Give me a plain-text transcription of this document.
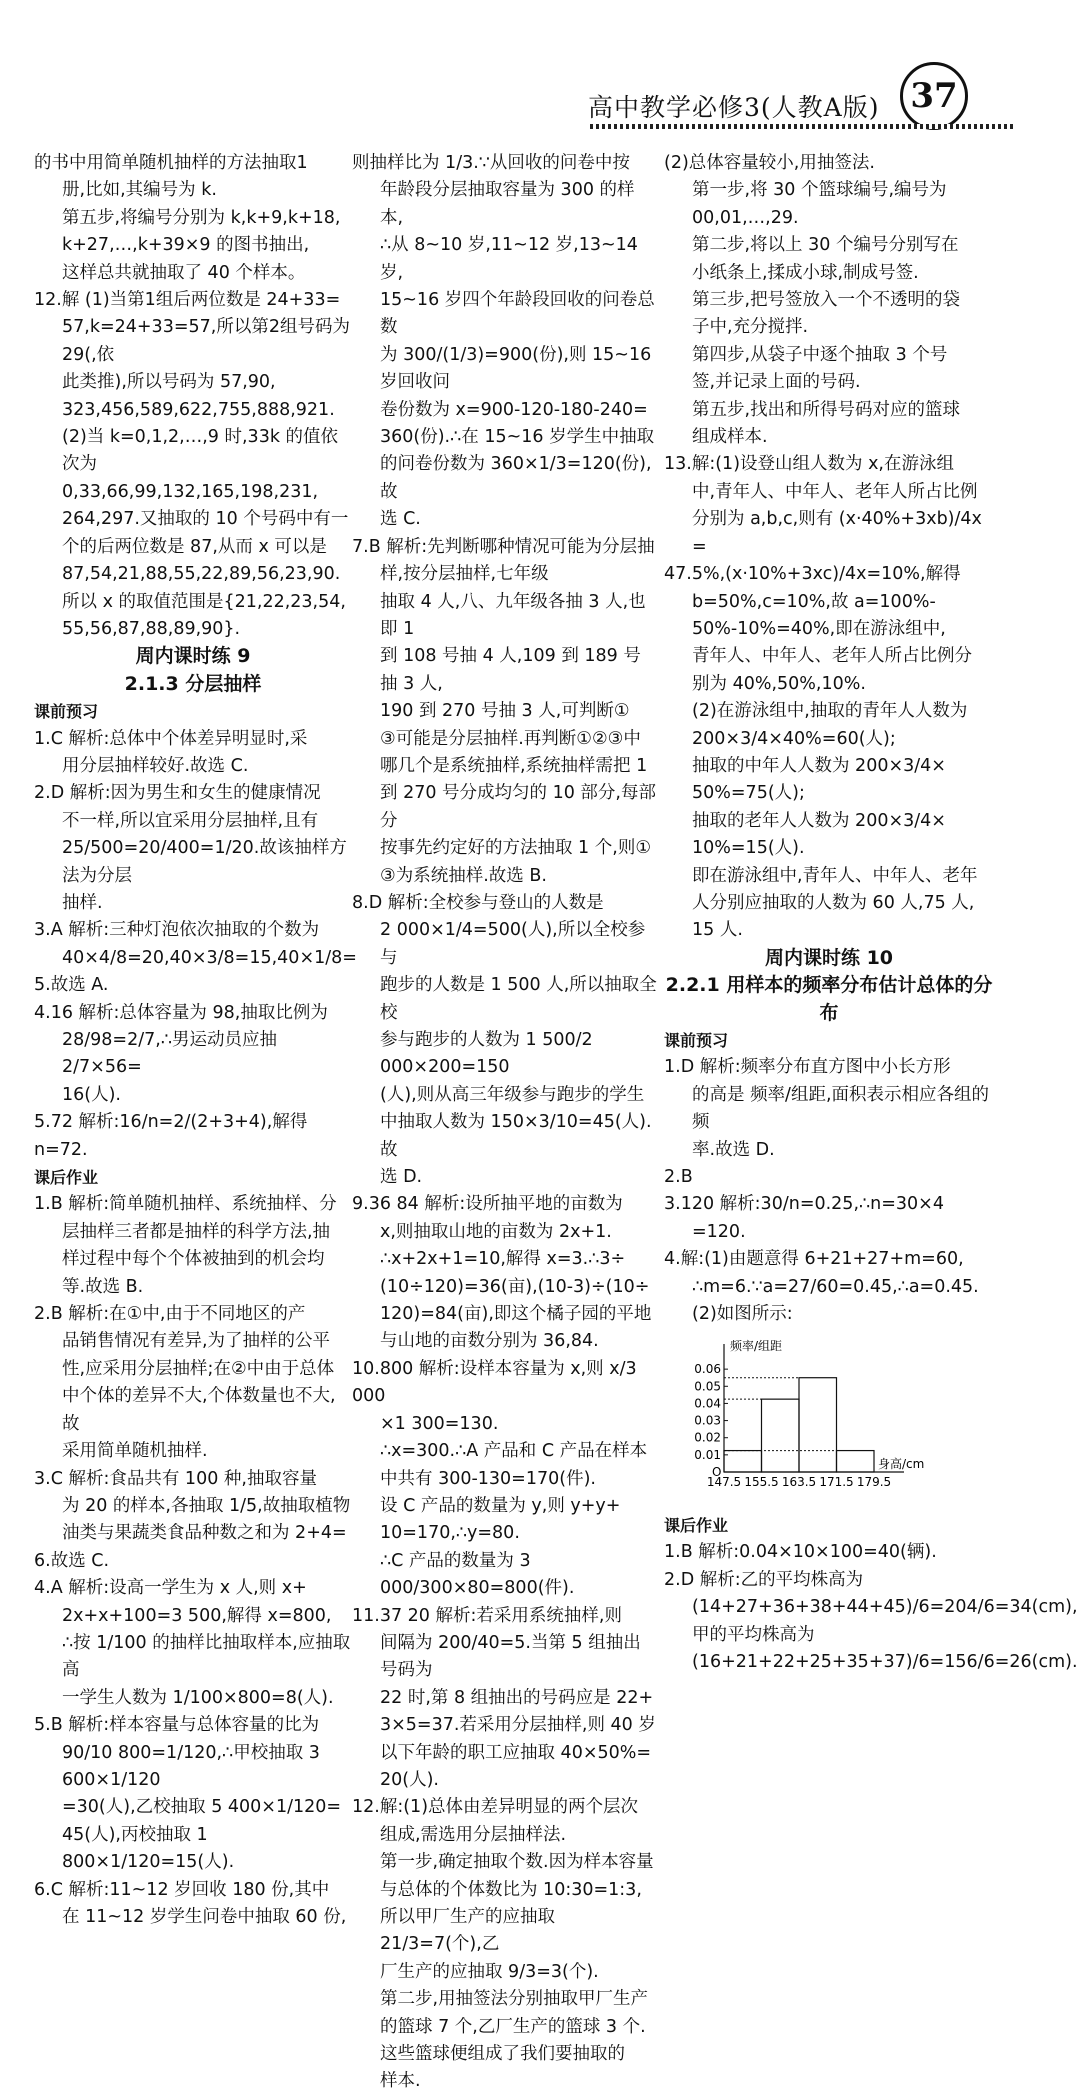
高中教学必修3(人教A版) 37

的书中用简单随机抽样的方法抽取1

册,比如,其编号为 k.

第五步,将编号分别为 k,k+9,k+18,

k+27,…,k+39×9 的图书抽出,

这样总共就抽取了 40 个样本。

12.解 (1)当第1组后两位数是 24+33=

57,k=24+33=57,所以第2组号码为 29(,依

此类推),所以号码为 57,90,

323,456,589,622,755,888,921.

(2)当 k=0,1,2,…,9 时,33k 的值依

次为 0,33,66,99,132,165,198,231,

264,297.又抽取的 10 个号码中有一

个的后两位数是 87,从而 x 可以是

87,54,21,88,55,22,89,56,23,90.

所以 x 的取值范围是{21,22,23,54,

55,56,87,88,89,90}.

周内课时练 9

2.1.3 分层抽样

课前预习

1.C 解析:总体中个体差异明显时,采

用分层抽样较好.故选 C.

2.D 解析:因为男生和女生的健康情况

不一样,所以宜采用分层抽样,且有

25/500=20/400=1/20.故该抽样方法为分层

抽样.

3.A 解析:三种灯泡依次抽取的个数为

40×4/8=20,40×3/8=15,40×1/8=

5.故选 A.

4.16 解析:总体容量为 98,抽取比例为

28/98=2/7,∴男运动员应抽 2/7×56=

16(人).

5.72 解析:16/n=2/(2+3+4),解得 n=72.

课后作业

1.B 解析:简单随机抽样、系统抽样、分

层抽样三者都是抽样的科学方法,抽

样过程中每个个体被抽到的机会均

等.故选 B.

2.B 解析:在①中,由于不同地区的产

品销售情况有差异,为了抽样的公平

性,应采用分层抽样;在②中由于总体

中个体的差异不大,个体数量也不大,故

采用简单随机抽样.

3.C 解析:食品共有 100 种,抽取容量

为 20 的样本,各抽取 1/5,故抽取植物

油类与果蔬类食品种数之和为 2+4=

6.故选 C.

4.A 解析:设高一学生为 x 人,则 x+

2x+x+100=3 500,解得 x=800,

∴按 1/100 的抽样比抽取样本,应抽取高

一学生人数为 1/100×800=8(人).

5.B 解析:样本容量与总体容量的比为

90/10 800=1/120,∴甲校抽取 3 600×1/120

=30(人),乙校抽取 5 400×1/120=

45(人),丙校抽取 1 800×1/120=15(人).

6.C 解析:11~12 岁回收 180 份,其中

在 11~12 岁学生问卷中抽取 60 份,

则抽样比为 1/3.∵从回收的问卷中按

年龄段分层抽取容量为 300 的样本,

∴从 8~10 岁,11~12 岁,13~14 岁,

15~16 岁四个年龄段回收的问卷总数

为 300/(1/3)=900(份),则 15~16 岁回收问

卷份数为 x=900-120-180-240=

360(份).∴在 15~16 岁学生中抽取

的问卷份数为 360×1/3=120(份),故

选 C.

7.B 解析:先判断哪种情况可能为分层抽

样,按分层抽样,七年级

抽取 4 人,八、九年级各抽 3 人,也即 1

到 108 号抽 4 人,109 到 189 号抽 3 人,

190 到 270 号抽 3 人,可判断①

③可能是分层抽样.再判断①②③中

哪几个是系统抽样,系统抽样需把 1

到 270 号分成均匀的 10 部分,每部分

按事先约定好的方法抽取 1 个,则①

③为系统抽样.故选 B.

8.D 解析:全校参与登山的人数是

2 000×1/4=500(人),所以全校参与

跑步的人数是 1 500 人,所以抽取全校

参与跑步的人数为 1 500/2 000×200=150

(人),则从高三年级参与跑步的学生

中抽取人数为 150×3/10=45(人).故

选 D.

9.36 84 解析:设所抽平地的亩数为

x,则抽取山地的亩数为 2x+1.

∴x+2x+1=10,解得 x=3.∴3÷

(10÷120)=36(亩),(10-3)÷(10÷

120)=84(亩),即这个橘子园的平地

与山地的亩数分别为 36,84.

10.800 解析:设样本容量为 x,则 x/3 000

×1 300=130.

∴x=300.∴A 产品和 C 产品在样本

中共有 300-130=170(件).

设 C 产品的数量为 y,则 y+y+

10=170,∴y=80.

∴C 产品的数量为 3 000/300×80=800(件).

11.37 20 解析:若采用系统抽样,则

间隔为 200/40=5.当第 5 组抽出号码为

22 时,第 8 组抽出的号码应是 22+

3×5=37.若采用分层抽样,则 40 岁

以下年龄的职工应抽取 40×50%=

20(人).

12.解:(1)总体由差异明显的两个层次

组成,需选用分层抽样法.

第一步,确定抽取个数.因为样本容量

与总体的个体数比为 10:30=1:3,

所以甲厂生产的应抽取 21/3=7(个),乙

厂生产的应抽取 9/3=3(个).

第二步,用抽签法分别抽取甲厂生产

的篮球 7 个,乙厂生产的篮球 3 个.

这些篮球便组成了我们要抽取的

样本.

(2)总体容量较小,用抽签法.

第一步,将 30 个篮球编号,编号为

00,01,…,29.

第二步,将以上 30 个编号分别写在

小纸条上,揉成小球,制成号签.

第三步,把号签放入一个不透明的袋

子中,充分搅拌.

第四步,从袋子中逐个抽取 3 个号

签,并记录上面的号码.

第五步,找出和所得号码对应的篮球

组成样本.

13.解:(1)设登山组人数为 x,在游泳组

中,青年人、中年人、老年人所占比例

分别为 a,b,c,则有 (x·40%+3xb)/4x =

47.5%,(x·10%+3xc)/4x=10%,解得

b=50%,c=10%,故 a=100%-

50%-10%=40%,即在游泳组中,

青年人、中年人、老年人所占比例分

别为 40%,50%,10%.

(2)在游泳组中,抽取的青年人人数为

200×3/4×40%=60(人);

抽取的中年人人数为 200×3/4×

50%=75(人);

抽取的老年人人数为 200×3/4×

10%=15(人).

即在游泳组中,青年人、中年人、老年

人分别应抽取的人数为 60 人,75 人,

15 人.

周内课时练 10

2.2.1 用样本的频率分布估计总体的分布

课前预习

1.D 解析:频率分布直方图中小长方形

的高是 频率/组距,面积表示相应各组的频

率.故选 D.

2.B

3.120 解析:30/n=0.25,∴n=30×4

=120.

4.解:(1)由题意得 6+21+27+m=60,

∴m=6.∵a=27/60=0.45,∴a=0.45.

(2)如图所示:

0.06
0.05
0.04
0.03
0.02
0.01
147.5 155.5 163.5 171.5 179.5
O
频率/组距
身高/cm

课后作业

1.B 解析:0.04×10×100=40(辆).

2.D 解析:乙的平均株高为

(14+27+36+38+44+45)/6=204/6=34(cm),

甲的平均株高为

(16+21+22+25+35+37)/6=156/6=26(cm).
